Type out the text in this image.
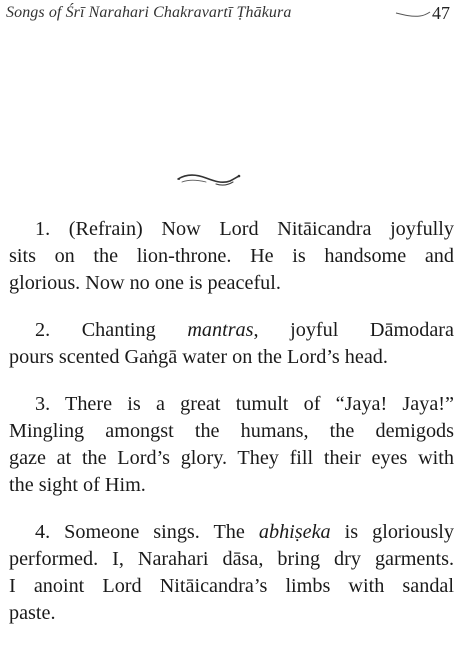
Songs of Śrī Narahari Chakravartī Ṭhākura	47

1. (Refrain) Now Lord Nitāicandra joyfully
sits on the lion-throne. He is handsome and
glorious. Now no one is peaceful.

2. Chanting mantras, joyful Dāmodara
pours scented Gaṅgā water on the Lord’s head.

3. There is a great tumult of “Jaya! Jaya!”
Mingling amongst the humans, the demigods
gaze at the Lord’s glory. They fill their eyes with
the sight of Him.

4. Someone sings. The abhiṣeka is gloriously
performed. I, Narahari dāsa, bring dry garments.
I anoint Lord Nitāicandra’s limbs with sandal
paste.
